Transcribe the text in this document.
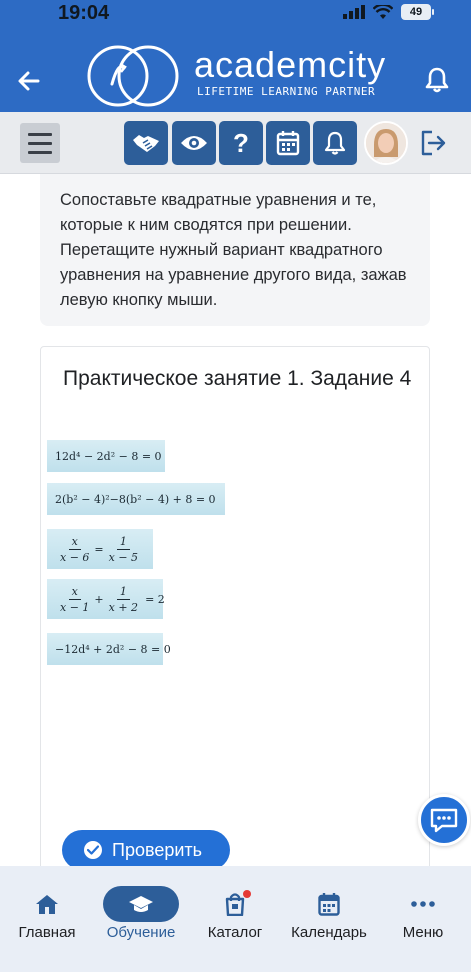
19:04	49
academcity
LIFETIME LEARNING PARTNER
?

Сопоставьте квадратные уравнения и те, которые к ним сводятся при решении. Перетащите нужный вариант квадратного уравнения на уравнение другого вида, зажав левую кнопку мыши.

Практическое занятие 1. Задание 4
12d⁴ − 2d² − 8 = 0
2(b² − 4)²−8(b² − 4) + 8 = 0
$\frac{x}{x - 6} = \frac{1}{x - 5}$
$\frac{x}{x - 1} + \frac{1}{x + 2} = 2$
−12d⁴ + 2d² − 8 = 0
Проверить
Главная	Обучение	Каталог	Календарь	Меню
